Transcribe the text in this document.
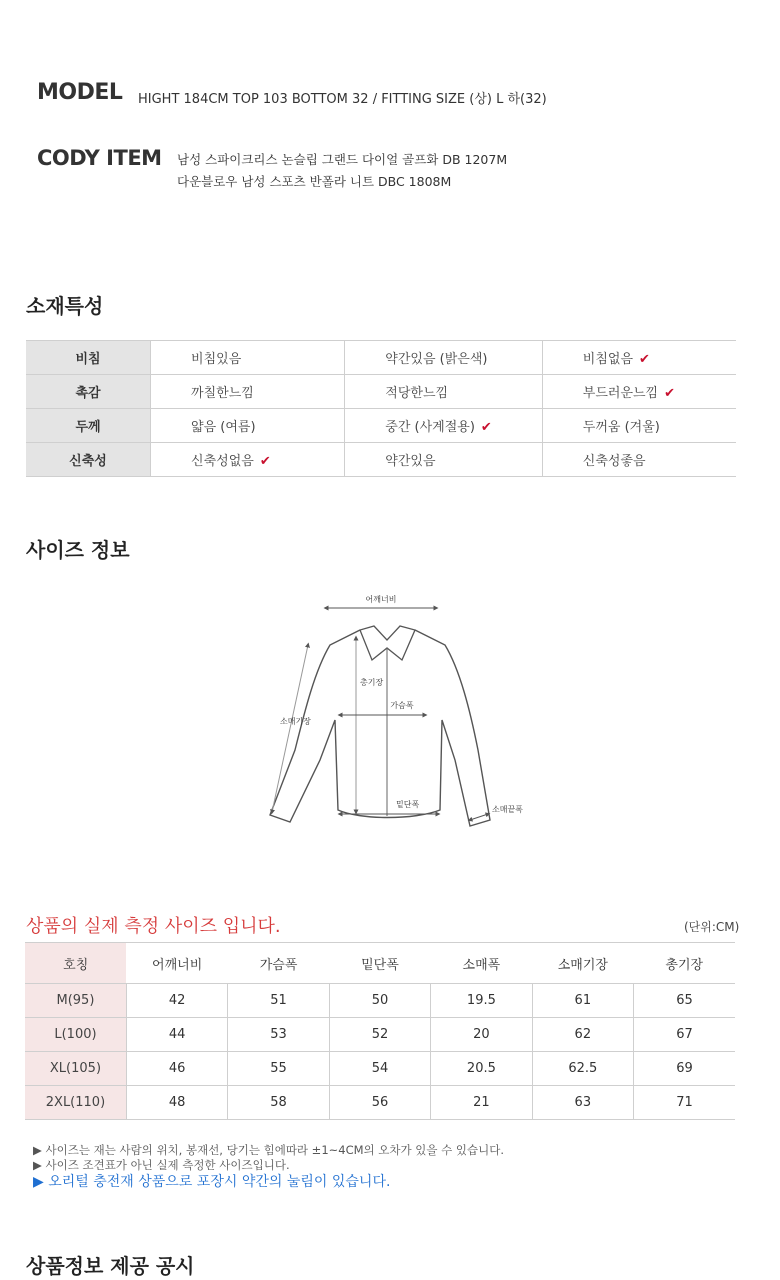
MODEL HIGHT 184CM TOP 103 BOTTOM 32 / FITTING SIZE (상) L 하(32)
CODY ITEM 남성 스파이크리스 논슬립 그랜드 다이얼 골프화 DB 1207M
다운블로우 남성 스포츠 반폴라 니트 DBC 1808M
소재특성
비침	비침있음	약간있음 (밝은색)	비침없음 ✔
촉감	까칠한느낌	적당한느낌	부드러운느낌 ✔
두께	얇음 (여름)	중간 (사계절용) ✔	두꺼움 (겨울)
신축성	신축성없음 ✔	약간있음	신축성좋음
사이즈 정보
어깨너비
총기장
가슴폭
소매기장
밑단폭
소매끝폭
상품의 실제 측정 사이즈 입니다.	(단위:CM)
호칭	어깨너비	가슴폭	밑단폭	소매폭	소매기장	총기장
M(95)	42	51	50	19.5	61	65
L(100)	44	53	52	20	62	67
XL(105)	46	55	54	20.5	62.5	69
2XL(110)	48	58	56	21	63	71
▶ 사이즈는 재는 사람의 위치, 봉재선, 당기는 힘에따라 ±1~4CM의 오차가 있을 수 있습니다.
▶ 사이즈 조견표가 아닌 실제 측정한 사이즈입니다.
▶ 오리털 충전재 상품으로 포장시 약간의 눌림이 있습니다.
상품정보 제공 공시
